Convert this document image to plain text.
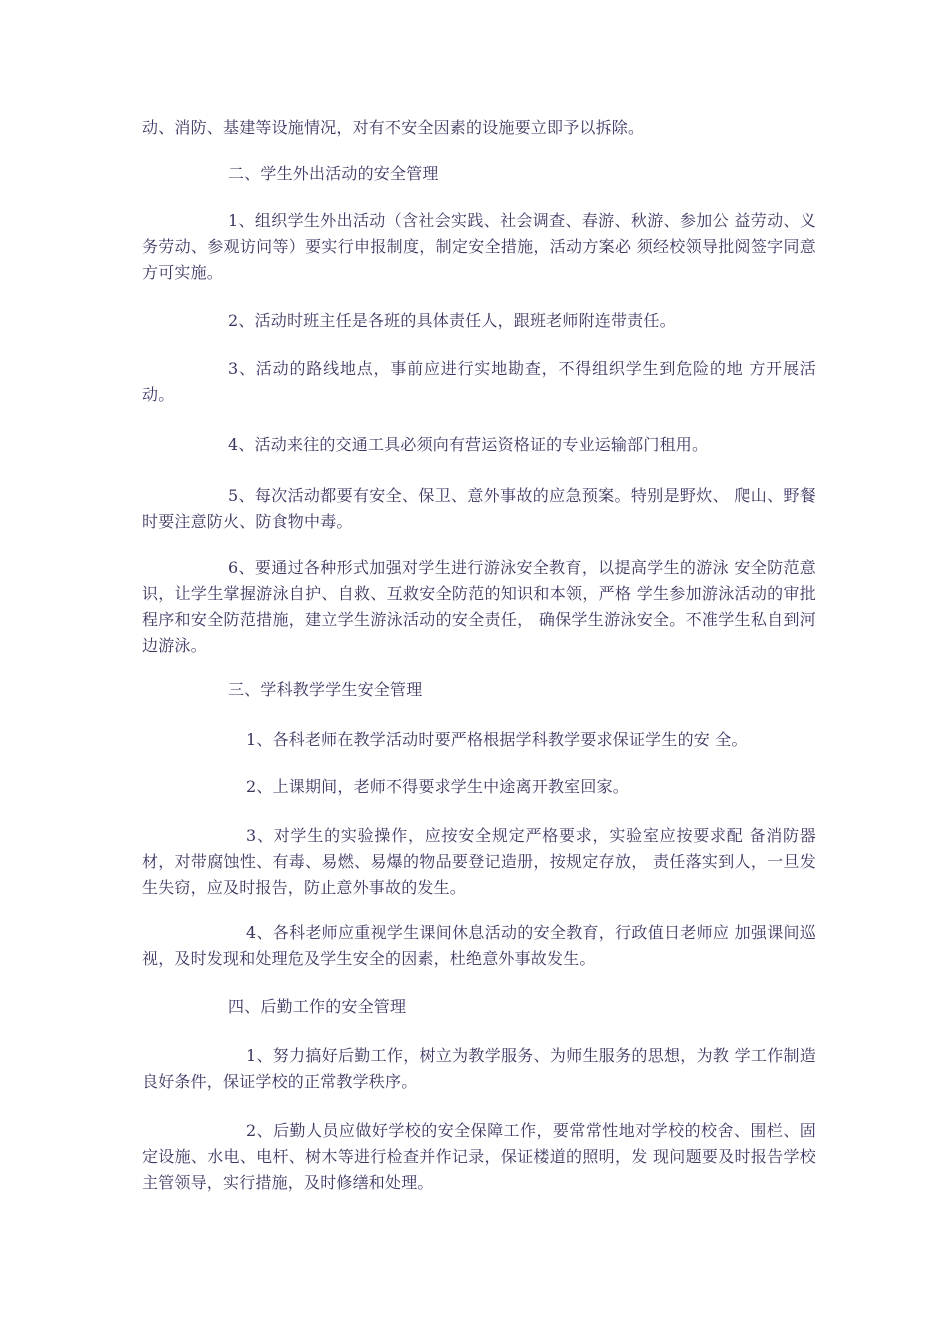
动、消防、基建等设施情况，对有不安全因素的设施要立即予以拆除。

二、学生外出活动的安全管理

1、组织学生外出活动（含社会实践、社会调查、春游、秋游、参加公 益劳动、义务劳动、参观访问等）要实行申报制度，制定安全措施，活动方案必 须经校领导批阅签字同意方可实施。

2、活动时班主任是各班的具体责任人，跟班老师附连带责任。

3、活动的路线地点，事前应进行实地勘查，不得组织学生到危险的地 方开展活动。

4、活动来往的交通工具必须向有营运资格证的专业运输部门租用。

5、每次活动都要有安全、保卫、意外事故的应急预案。特别是野炊、 爬山、野餐时要注意防火、防食物中毒。

6、要通过各种形式加强对学生进行游泳安全教育，以提高学生的游泳 安全防范意识，让学生掌握游泳自护、自救、互救安全防范的知识和本领，严格 学生参加游泳活动的审批程序和安全防范措施，建立学生游泳活动的安全责任， 确保学生游泳安全。不准学生私自到河边游泳。

三、学科教学学生安全管理

1、各科老师在教学活动时要严格根据学科教学要求保证学生的安 全。

2、上课期间，老师不得要求学生中途离开教室回家。

3、对学生的实验操作，应按安全规定严格要求，实验室应按要求配 备消防器材，对带腐蚀性、有毒、易燃、易爆的物品要登记造册，按规定存放， 责任落实到人，一旦发生失窃，应及时报告，防止意外事故的发生。

4、各科老师应重视学生课间休息活动的安全教育，行政值日老师应 加强课间巡视，及时发现和处理危及学生安全的因素，杜绝意外事故发生。

四、后勤工作的安全管理

1、努力搞好后勤工作，树立为教学服务、为师生服务的思想，为教 学工作制造良好条件，保证学校的正常教学秩序。

2、后勤人员应做好学校的安全保障工作，要常常性地对学校的校舍、围栏、固定设施、水电、电杆、树木等进行检查并作记录，保证楼道的照明，发 现问题要及时报告学校主管领导，实行措施，及时修缮和处理。
